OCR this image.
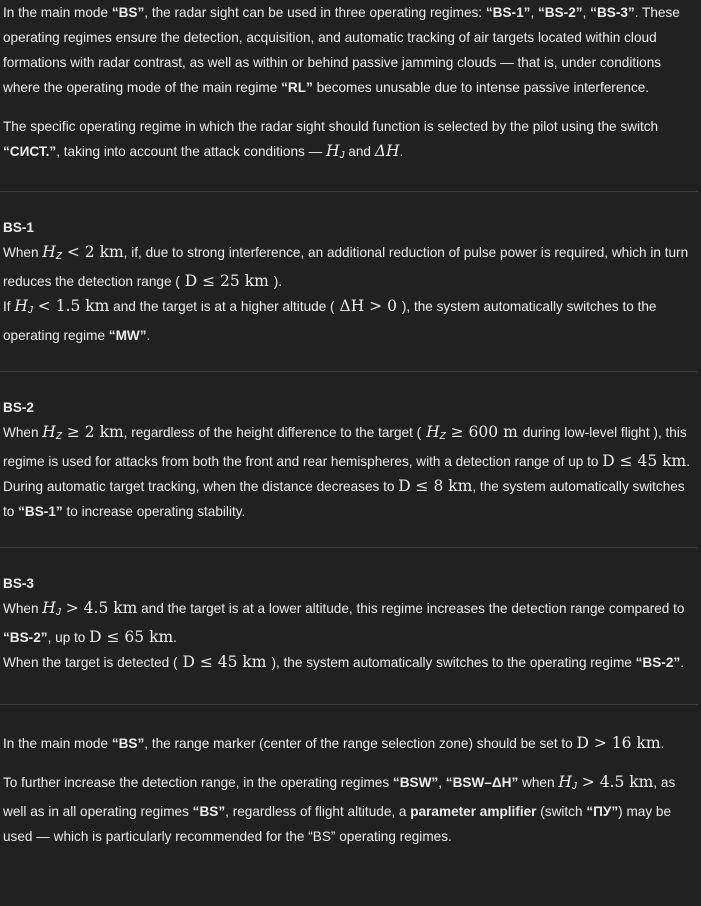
In the main mode “BS”, the radar sight can be used in three operating regimes: “BS-1”, “BS-2”, “BS-3”. These operating regimes ensure the detection, acquisition, and automatic tracking of air targets located within cloud formations with radar contrast, as well as within or behind passive jamming clouds — that is, under conditions where the operating mode of the main regime “RL” becomes unusable due to intense passive interference.

The specific operating regime in which the radar sight should function is selected by the pilot using the switch “СИСТ.”, taking into account the attack conditions — $H_J$ and ΔH.

BS-1

When $H_Z < 2$ km, if, due to strong interference, an additional reduction of pulse power is required, which in turn reduces the detection range ( D ≤ 25 km ).

If $H_J < 1.5$ km and the target is at a higher altitude ( ΔH > 0 ), the system automatically switches to the operating regime “MW”.

BS-2

When $H_Z \ge 2$ km, regardless of the height difference to the target ( $H_Z \ge 600$ m during low-level flight ), this regime is used for attacks from both the front and rear hemispheres, with a detection range of up to D ≤ 45 km.

During automatic target tracking, when the distance decreases to D ≤ 8 km, the system automatically switches to “BS-1” to increase operating stability.

BS-3

When $H_J > 4.5$ km and the target is at a lower altitude, this regime increases the detection range compared to “BS-2”, up to D ≤ 65 km.

When the target is detected ( D ≤ 45 km ), the system automatically switches to the operating regime “BS-2”.

In the main mode “BS”, the range marker (center of the range selection zone) should be set to D > 16 km.

To further increase the detection range, in the operating regimes “BSW”, “BSW–ΔH” when $H_J > 4.5$ km, as well as in all operating regimes “BS”, regardless of flight altitude, a parameter amplifier (switch “ПУ”) may be used — which is particularly recommended for the “BS” operating regimes.
